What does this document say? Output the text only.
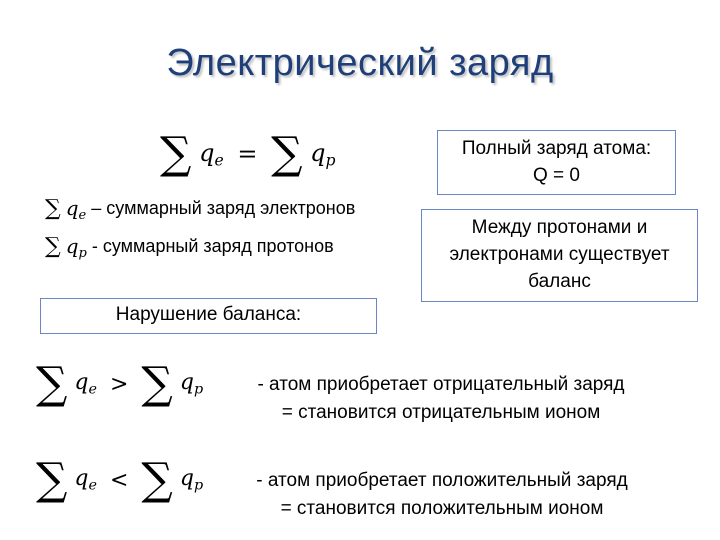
Электрический заряд
∑ $q_e$ = ∑ $q_p$
∑ $q_e$ – суммарный заряд электронов
∑ $q_p$ - суммарный заряд протонов
Полный заряд атома:
Q = 0
Между протонами и
электронами существует
баланс
Нарушение баланса:
∑ $q_e$ > ∑ $q_p$	- атом приобретает отрицательный заряд
= становится отрицательным ионом
∑ $q_e$ < ∑ $q_p$	- атом приобретает положительный заряд
= становится положительным ионом
